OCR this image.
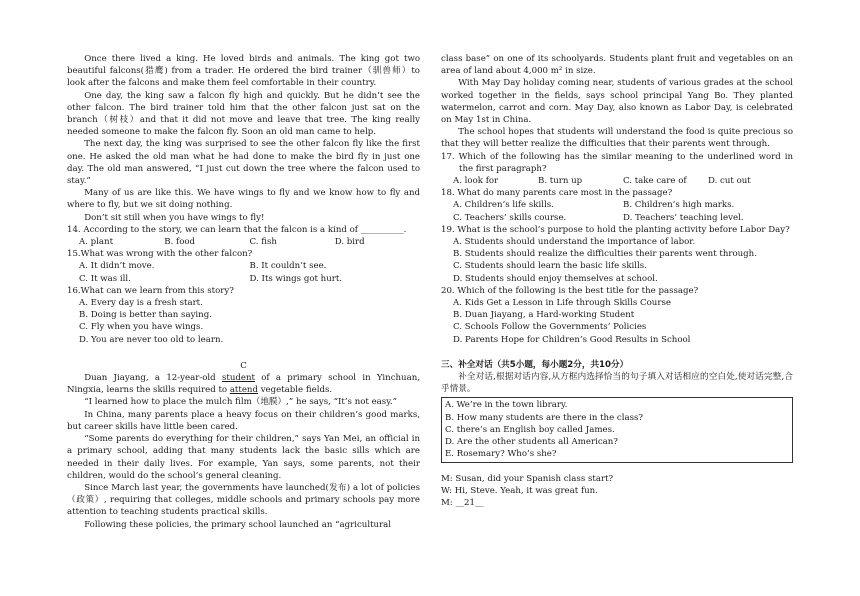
Once there lived a king. He loved birds and animals. The king got two beautiful falcons(猎鹰) from a trader. He ordered the bird trainer（驯兽师）to look after the falcons and make them feel comfortable in their country.

One day, the king saw a falcon fly high and quickly. But he didn’t see the other falcon. The bird trainer told him that the other falcon just sat on the branch（树枝）and that it did not move and leave that tree. The king really needed someone to make the falcon fly. Soon an old man came to help.

The next day, the king was surprised to see the other falcon fly like the first one. He asked the old man what he had done to make the bird fly in just one day. The old man answered, “I just cut down the tree where the falcon used to stay.”

Many of us are like this. We have wings to fly and we know how to fly and where to fly, but we sit doing nothing.

Don’t sit still when you have wings to fly!

14. According to the story, we can learn that the falcon is a kind of __________.

A. plant	B. food	C. fish	D. bird

15.What was wrong with the other falcon?

A. It didn’t move.	B. It couldn’t see.
C. It was ill.	D. Its wings got hurt.

16.What can we learn from this story?

A. Every day is a fresh start.
B. Doing is better than saying.
C. Fly when you have wings.
D. You are never too old to learn.

C

Duan Jiayang, a 12-year-old student of a primary school in Yinchuan, Ningxia, learns the skills required to attend vegetable fields.

“I learned how to place the mulch film（地膜）,” he says, “It’s not easy.”

In China, many parents place a heavy focus on their children’s good marks, but career skills have little been cared.

“Some parents do everything for their children,” says Yan Mei, an official in a primary school, adding that many students lack the basic sills which are needed in their daily lives. For example, Yan says, some parents, not their children, would do the school’s general cleaning.

Since March last year, the governments have launched(发布) a lot of policies（政策）, requiring that colleges, middle schools and primary schools pay more attention to teaching students practical skills.

Following these policies, the primary school launched an “agricultural

class base” on one of its schoolyards. Students plant fruit and vegetables on an area of land about 4,000 m² in size.

With May Day holiday coming near, students of various grades at the school worked together in the fields, says school principal Yang Bo. They planted watermelon, carrot and corn. May Day, also known as Labor Day, is celebrated on May 1st in China.

The school hopes that students will understand the food is quite precious so that they will better realize the difficulties that their parents went through.

17. Which of the following has the similar meaning to the underlined word in the first paragraph?

A. look for	B. turn up	C. take care of	D. cut out

18. What do many parents care most in the passage?

A. Children’s life skills.	B. Children’s high marks.
C. Teachers’ skills course.	D. Teachers’ teaching level.

19. What is the school’s purpose to hold the planting activity before Labor Day?

A. Students should understand the importance of labor.
B. Students should realize the difficulties their parents went through.
C. Students should learn the basic life skills.
D. Students should enjoy themselves at school.

20. Which of the following is the best title for the passage?

A. Kids Get a Lesson in Life through Skills Course
B. Duan Jiayang, a Hard-working Student
C. Schools Follow the Governments’ Policies
D. Parents Hope for Children’s Good Results in School

三、补全对话（共5小题，每小题2分，共10分）

补全对话,根据对话内容,从方框内选择恰当的句子填入对话相应的空白处,使对话完整,合乎情景。

A. We’re in the town library.
B. How many students are there in the class?
C. there’s an English boy called James.
D. Are the other students all American?
E. Rosemary? Who’s she?
M: Susan, did your Spanish class start?
W: Hi, Steve. Yeah, it was great fun.
M: __21__
